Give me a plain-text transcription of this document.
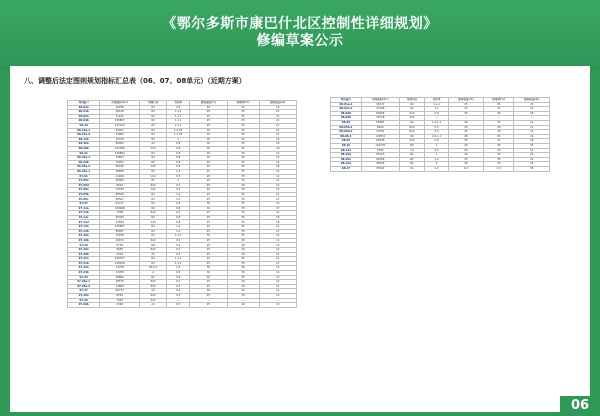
《鄂尔多斯市康巴什北区控制性详细规划》
修编草案公示
八、调整后法定图则规划指标汇总表（06、07、08单元）（近期方案）
地块编号	用地面积(m²)	用地代码	容积率	建筑密度(%)	绿地率(%)	建筑限高(m)
06-01a	16296	R2	0.8	30	35	16
06-01b	56148	R2	1-1.1	25	35	21
06-02a	31221	R2	1-1.1	25	35	21
06-04b	136807	R2	1-1.1	25	35	21
06-10	122124	R2	1-1.1	25	35	21
06-15a-1	82567	R2	1-1.05	30	35	21
06-15a-2	33000	R2	1-1.05	30	35	21
06-15b	24790	B1	1	30	35	16
06-20a	80000	A2	0.8	30	35	12
06-20b	132098	A33	0.8	30	35	16
06-21	128893	R2	0.8	30	35	12
06-25a-1	79853	R2	0.8	30	35	12
06-25b	75057	R2	0.8	30	35	12
06-25a-2	98790	A33	0.8	25	40	16
06-26a-1	38480	R2	1.2	25	35	21
07-01	11029	U12	0.5	25	35	12
07-05a	28365	B1	1	25	30	12
07-05d	8022	R22	0.5	25	30	12
07-06a	13038	A22	0.5	25	30	12
07-05b	85558	R2	1.2	25	35	21
07-05c	92567	R2	1.2	25	35	21
07-07	61727	R2	0.8	30	35	12
07-11a	108098	R2	0.8	30	35	27
07-11b	7908	R22	0.5	25	30	12
07-11c	95390	R2	0.8	25	35	18
07-11d	19584	A33	0.8	25	35	16
07-14a	128807	R2	1.2	25	35	21
07-14b	88487	R2	1.2	25	35	21
07-19a	75290	R2	1-1.1	30	35	21
07-19b	16074	R22	0.5	25	30	12
07-20	8738	B9	0.2	20	30	12
07-20a	9850	R22	0.5	25	30	12
07-20b	2022	A5	0.5	25	30	12
07-21a	128707	R2	1-1.1	25	35	21
07-21b	118036	R2	1-1.1	25	35	21
07-24a	14758	B1/U1	1.0	30	30	12
07-24b	21059	A	0.5	30	30	12
07-25	78884	B1	0.8	30	35	12
07-26a-1	28570	R22	0.5	25	30	12
07-26a-2	13800	R22	0.5	25	30	12
07-27	60737	A2	0.8	30	30	12
07-28a	8561	R22	0.5	25	30	12
07-29	7623	S42	—	—	—	—
07-06b	2348	A4	0.5	25	40	12
地块编号	用地面积(m²)	用地代码	容积率	建筑密度(%)	绿地率(%)	建筑限高(m)
08-01a-1	45272	R2	1-1.1	25	35	21
08-01a-2	23106	R2	1-1	25	35	21
08-02b	60968	A33	0.8	25	40	18
08-03b	20748	S42	—	—	—	—
08-04	55885	R2	1.0-1.1	28	35	21
08-04b-1	8924	R22	0.5	25	30	12
08-04b-2	11001	R22	0.5	25	30	12
08-06-1	129831	R2	1.0-1.1	28	35	21
08-07	63838	A33	0.8	25	35	18
08-10	126739	B9	1	40	30	25
08-11a	4784	A4	0.5	25	30	12
08-15A	54523	B1	1	40	30	25
08-16C	62068	R2	1.2	25	35	21
08-12A	36504	B2	1	40	30	25
08-17	35340	A1	1.2	0.2	0.3	36
06
